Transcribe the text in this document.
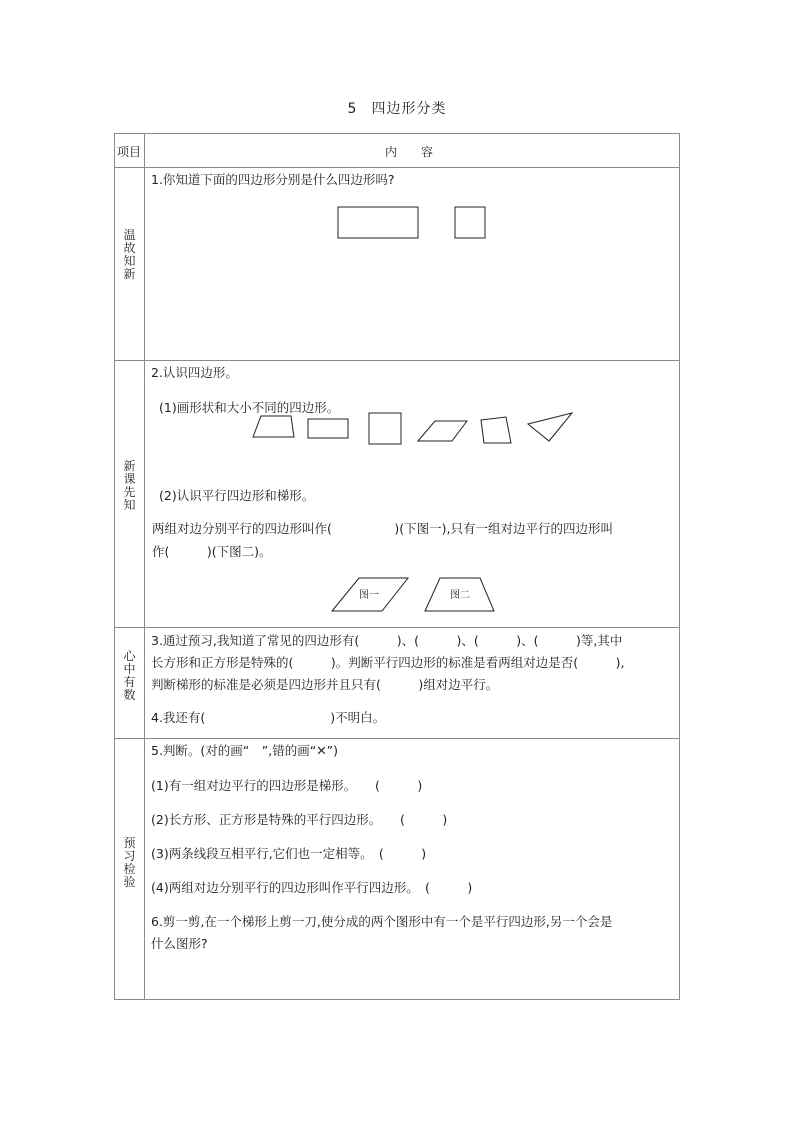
5 四边形分类
项目	内　　容
温
故
知
新
新
课
先
知
心
中
有
数
预
习
检
验
1.你知道下面的四边形分别是什么四边形吗?
2.认识四边形。
(1)画形状和大小不同的四边形。
(2)认识平行四边形和梯形。
两组对边分别平行的四边形叫作(　　　　　)(下图一),只有一组对边平行的四边形叫
作(　　　)(下图二)。
3.通过预习,我知道了常见的四边形有(　　　)、(　　　)、(　　　)、(　　　)等,其中
长方形和正方形是特殊的(　　　)。判断平行四边形的标准是看两组对边是否(　　　),
判断梯形的标准是必须是四边形并且只有(　　　)组对边平行。
4.我还有(　　　　　　　　　　)不明白。
5.判断。(对的画“　”,错的画“✕”)
(1)有一组对边平行的四边形是梯形。　　(　　　)
(2)长方形、正方形是特殊的平行四边形。　　(　　　)
(3)两条线段互相平行,它们也一定相等。　(　　　)
(4)两组对边分别平行的四边形叫作平行四边形。　(　　　)
6.剪一剪,在一个梯形上剪一刀,使分成的两个图形中有一个是平行四边形,另一个会是
什么图形?
图一	图二
